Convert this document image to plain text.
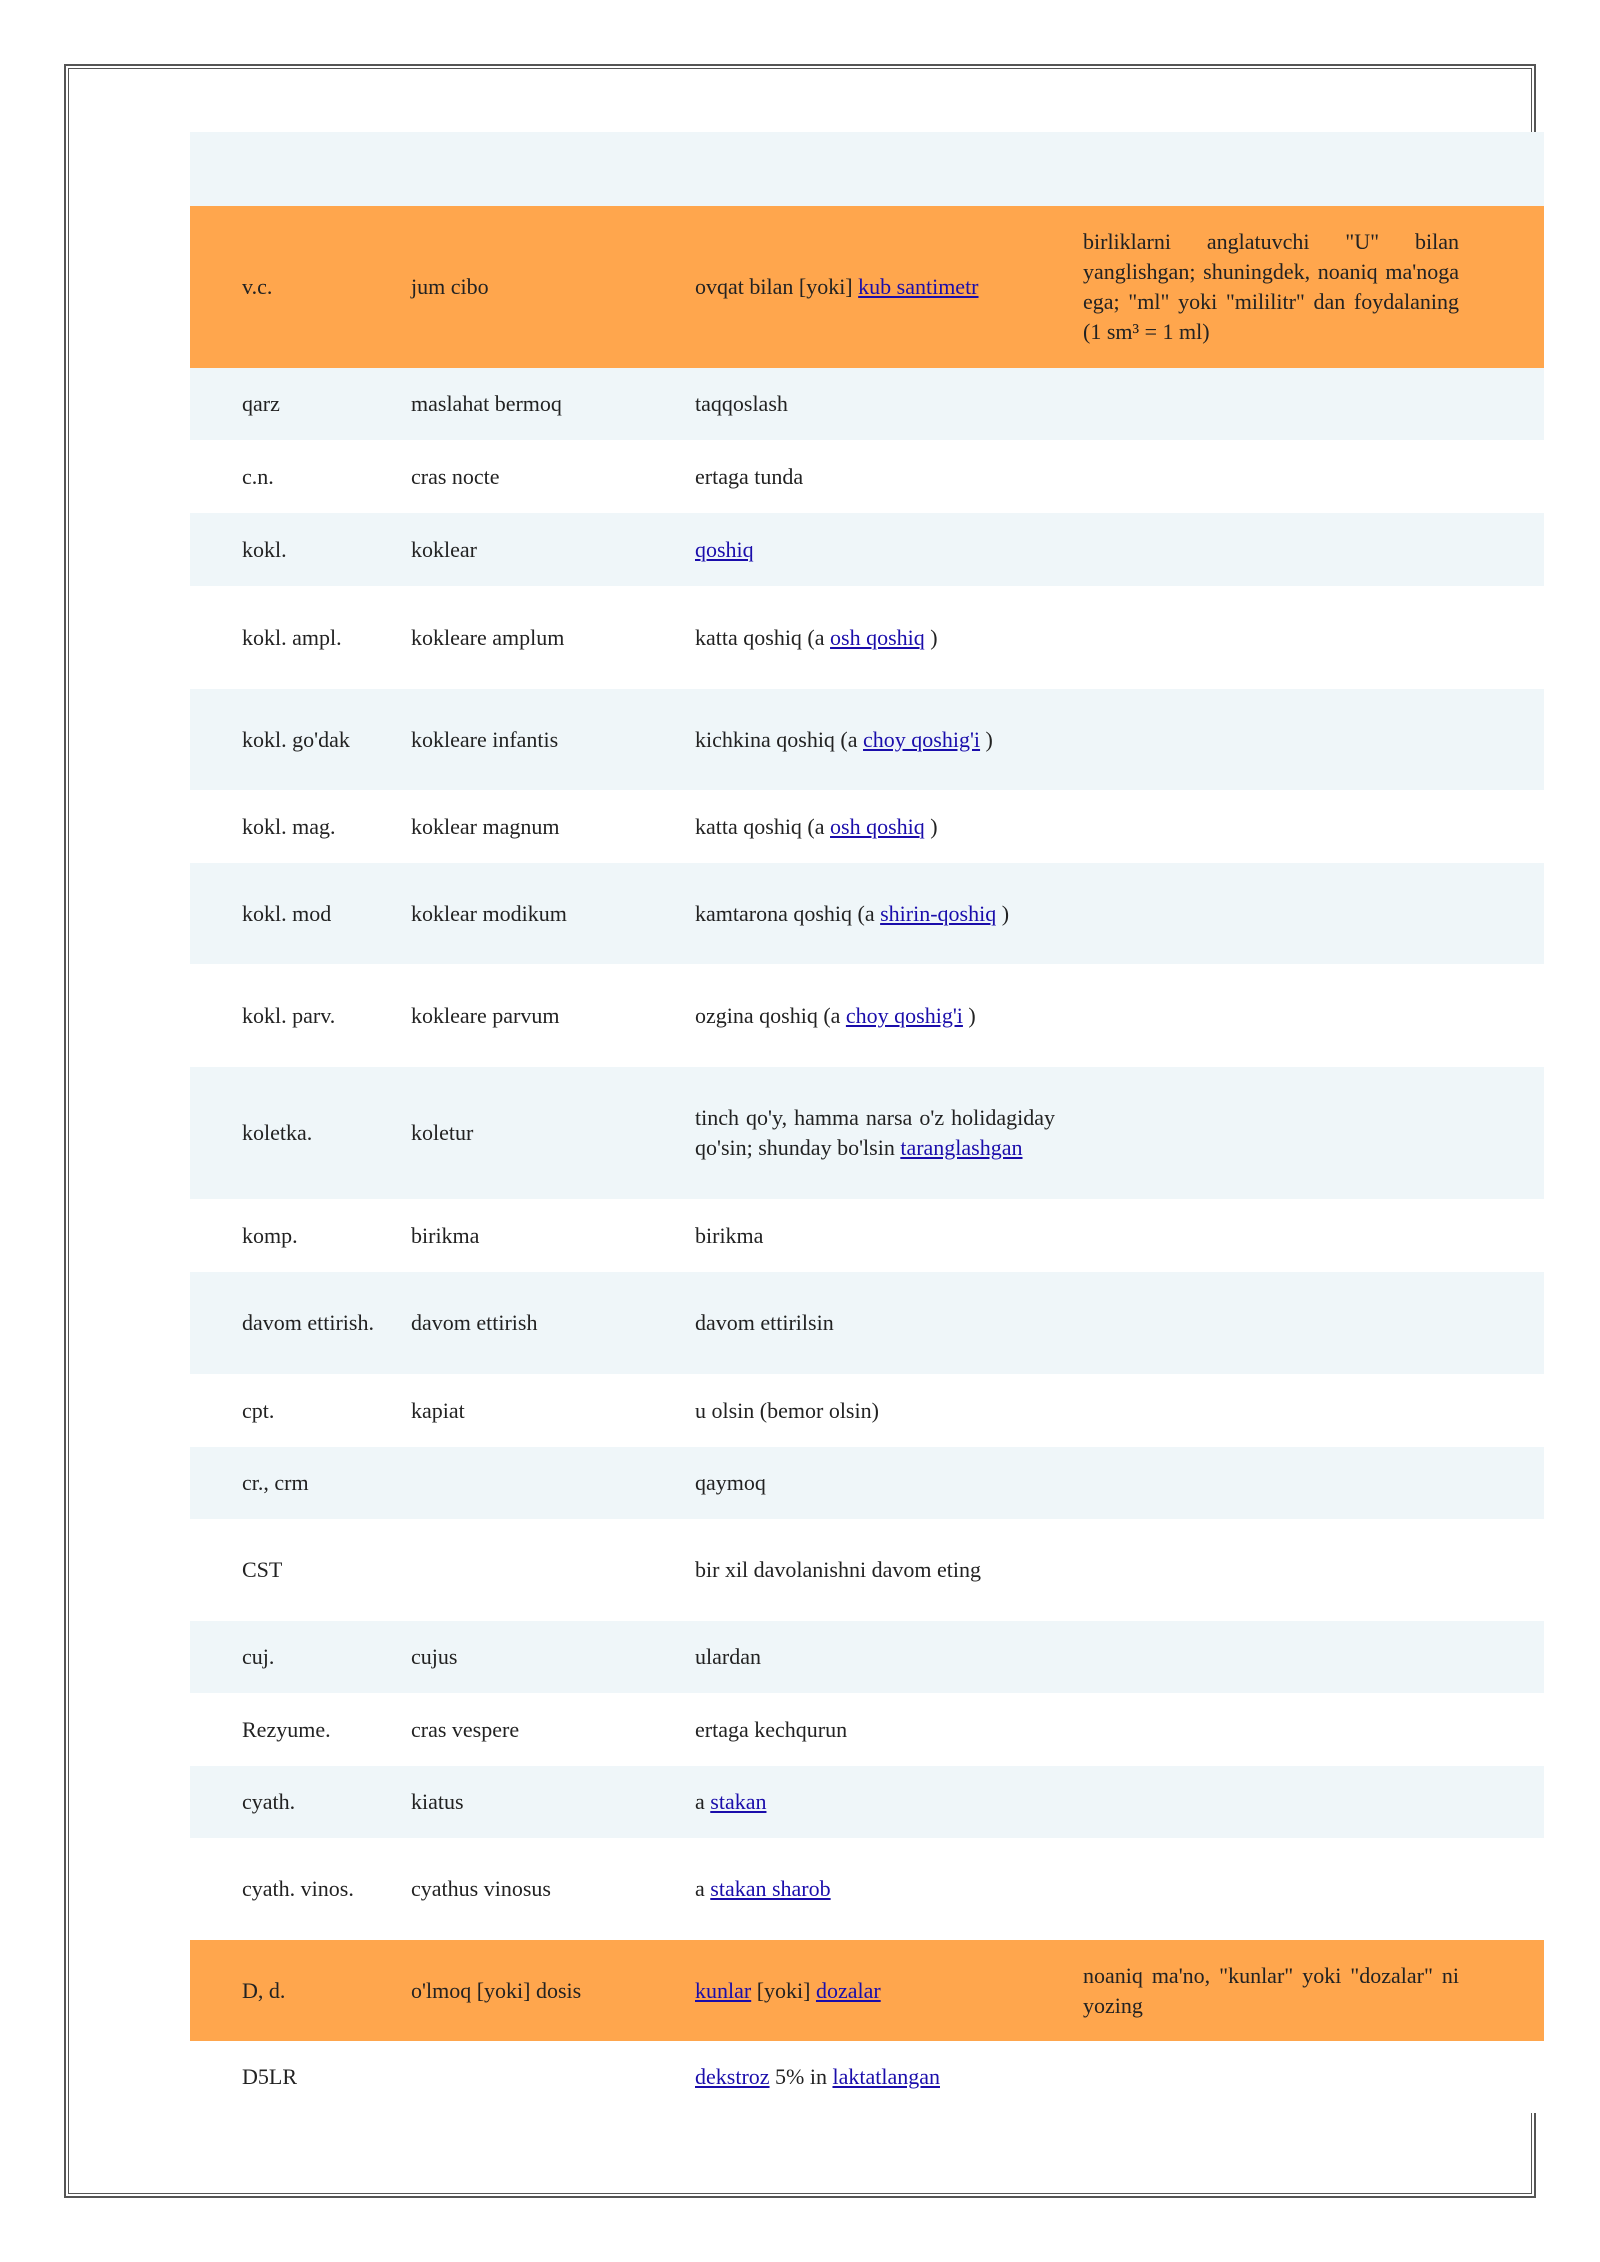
v.c.	jum cibo	ovqat bilan [yoki] kub santimetr	birliklarni anglatuvchi "U" bilan yanglishgan; shuningdek, noaniq ma'noga ega; "ml" yoki "mililitr" dan foydalaning (1 sm³ = 1 ml)	
qarz	maslahat bermoq	taqqoslash		
c.n.	cras nocte	ertaga tunda		
kokl.	koklear	qoshiq		
kokl. ampl.	kokleare amplum	katta qoshiq (a osh qoshiq )		
kokl. go'dak	kokleare infantis	kichkina qoshiq (a choy qoshig'i )		
kokl. mag.	koklear magnum	katta qoshiq (a osh qoshiq )		
kokl. mod	koklear modikum	kamtarona qoshiq (a shirin-qoshiq )		
kokl. parv.	kokleare parvum	ozgina qoshiq (a choy qoshig'i )		
koletka.	koletur	tinch qo'y, hamma narsa o'z holidagiday qo'sin; shunday bo'lsin taranglashgan		
komp.	birikma	birikma		
davom ettirish.	davom ettirish	davom ettirilsin		
cpt.	kapiat	u olsin (bemor olsin)		
cr., crm		qaymoq		
CST		bir xil davolanishni davom eting		
cuj.	cujus	ulardan		
Rezyume.	cras vespere	ertaga kechqurun		
cyath.	kiatus	a stakan		
cyath. vinos.	cyathus vinosus	a stakan sharob		
D, d.	o'lmoq [yoki] dosis	kunlar [yoki] dozalar	noaniq ma'no, "kunlar" yoki "dozalar" ni yozing	
D5LR		dekstroz 5% in laktatlangan		
